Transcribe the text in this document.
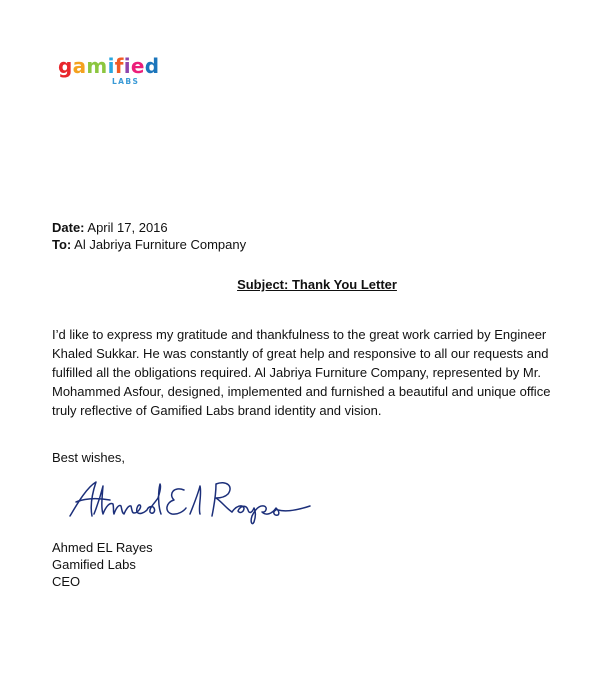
gamified
LABS
Date: April 17, 2016
To: Al Jabriya Furniture Company
Subject: Thank You Letter
I’d like to express my gratitude and thankfulness to the great work carried by Engineer Khaled Sukkar. He was constantly of great help and responsive to all our requests and fulfilled all the obligations required. Al Jabriya Furniture Company, represented by Mr. Mohammed Asfour, designed, implemented and furnished a beautiful and unique office truly reflective of Gamified Labs brand identity and vision.
Best wishes,
Ahmed EL Rayes
Gamified Labs
CEO
